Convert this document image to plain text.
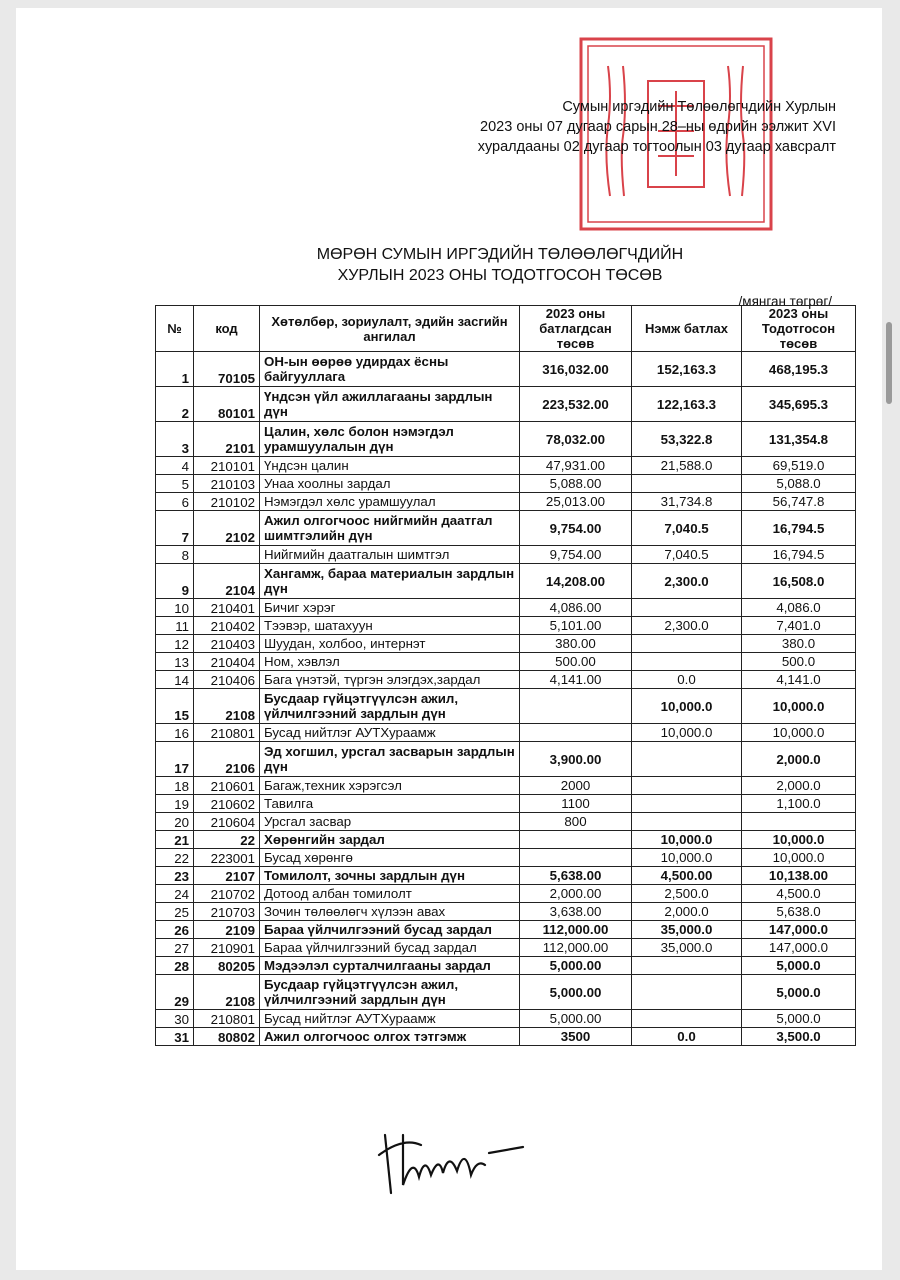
Сумын иргэдийн Төлөөлөгчдийн Хурлын
2023 оны 07 дугаар сарын 28–ны өдрийн ээлжит XVI
хуралдааны 02 дугаар тогтоолын 03 дугаар хавсралт
МӨРӨН СУМЫН ИРГЭДИЙН ТӨЛӨӨЛӨГЧДИЙН
ХУРЛЫН 2023 ОНЫ ТОДОТГОСОН ТӨСӨВ
/мянган төгрөг/
№	код	Хөтөлбөр, зориулалт, эдийн засгийн ангилал	2023 оны батлагдсан төсөв	Нэмж батлах	2023 оны Тодотгосон төсөв
1	70105	ОН-ын өөрөө удирдах ёсны байгууллага	316,032.00	152,163.3	468,195.3
2	80101	Үндсэн үйл ажиллагааны зардлын дүн	223,532.00	122,163.3	345,695.3
3	2101	Цалин, хөлс болон нэмэгдэл урамшуулалын дүн	78,032.00	53,322.8	131,354.8
4	210101	Үндсэн цалин	47,931.00	21,588.0	69,519.0
5	210103	Унаа хоолны зардал	5,088.00		5,088.0
6	210102	Нэмэгдэл хөлс урамшуулал	25,013.00	31,734.8	56,747.8
7	2102	Ажил олгогчоос нийгмийн даатгал шимтгэлийн дүн	9,754.00	7,040.5	16,794.5
8		Нийгмийн даатгалын шимтгэл	9,754.00	7,040.5	16,794.5
9	2104	Хангамж, бараа материалын зардлын дүн	14,208.00	2,300.0	16,508.0
10	210401	Бичиг хэрэг	4,086.00		4,086.0
11	210402	Тээвэр, шатахуун	5,101.00	2,300.0	7,401.0
12	210403	Шуудан, холбоо, интернэт	380.00		380.0
13	210404	Ном, хэвлэл	500.00		500.0
14	210406	Бага үнэтэй, түргэн элэгдэх,зардал	4,141.00	0.0	4,141.0
15	2108	Бусдаар гүйцэтгүүлсэн ажил, үйлчилгээний зардлын дүн		10,000.0	10,000.0
16	210801	Бусад нийтлэг АУТХураамж		10,000.0	10,000.0
17	2106	Эд хогшил, урсгал засварын зардлын дүн	3,900.00		2,000.0
18	210601	Багаж,техник хэрэгсэл	2000		2,000.0
19	210602	Тавилга	1100		1,100.0
20	210604	Урсгал засвар	800		
21	22	Хөрөнгийн зардал		10,000.0	10,000.0
22	223001	Бусад хөрөнгө		10,000.0	10,000.0
23	2107	Томилолт, зочны зардлын дүн	5,638.00	4,500.00	10,138.00
24	210702	Дотоод албан томилолт	2,000.00	2,500.0	4,500.0
25	210703	Зочин төлөөлөгч хүлээн авах	3,638.00	2,000.0	5,638.0
26	2109	Бараа үйлчилгээний бусад зардал	112,000.00	35,000.0	147,000.0
27	210901	Бараа үйлчилгээний бусад зардал	112,000.00	35,000.0	147,000.0
28	80205	Мэдээлэл сурталчилгааны зардал	5,000.00		5,000.0
29	2108	Бусдаар гүйцэтгүүлсэн ажил, үйлчилгээний зардлын дүн	5,000.00		5,000.0
30	210801	Бусад нийтлэг АУТХураамж	5,000.00		5,000.0
31	80802	Ажил олгогчоос олгох тэтгэмж	3500	0.0	3,500.0
